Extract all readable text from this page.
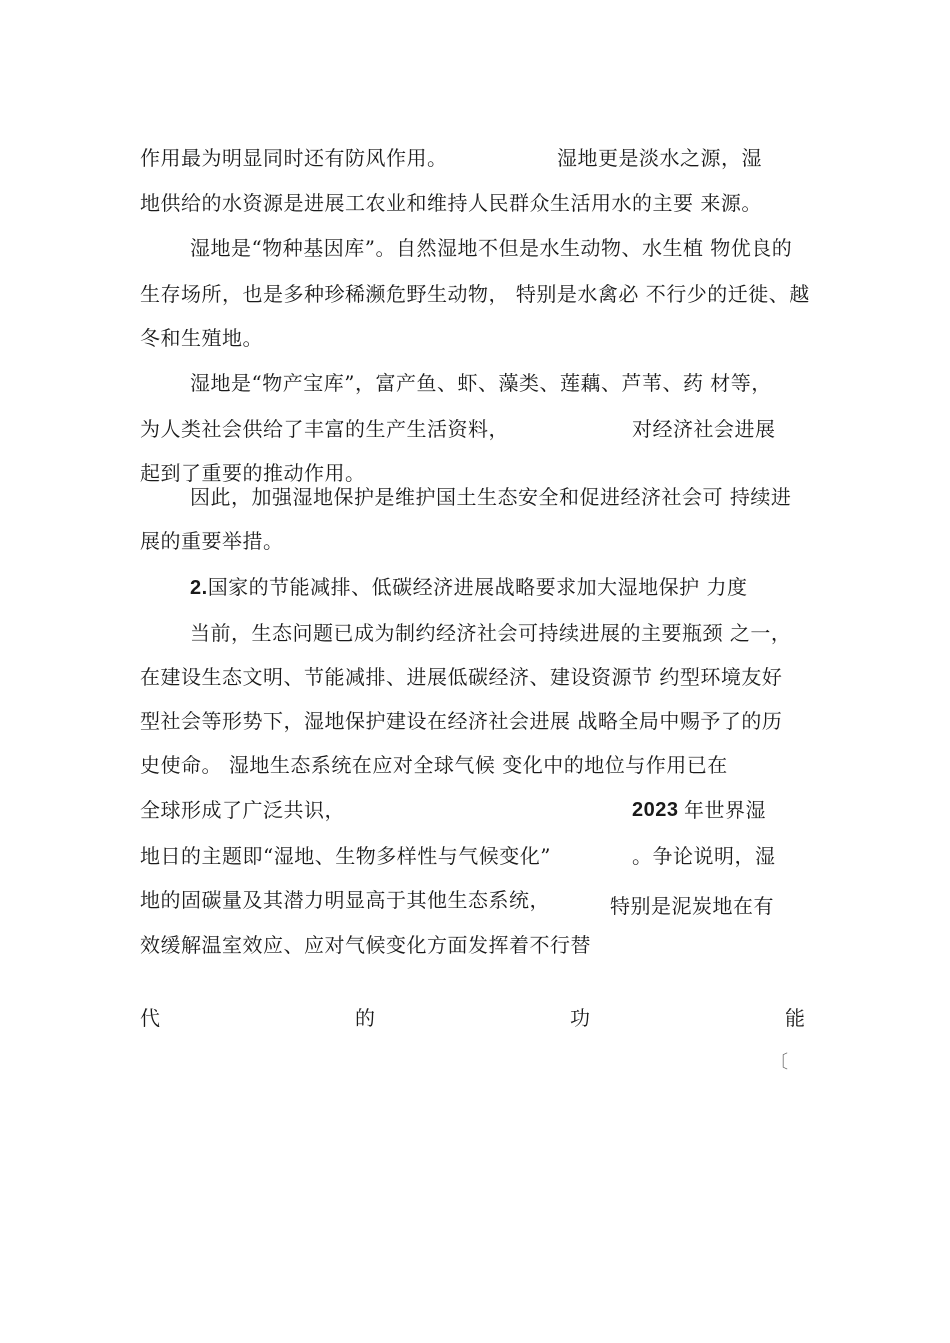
作用最为明显同时还有防风作用。	湿地更是淡水之源，湿
地供给的水资源是进展工农业和维持人民群众生活用水的主要 来源。
湿地是“物种基因库”。自然湿地不但是水生动物、水生植 物优良的
生存场所，也是多种珍稀濒危野生动物， 特别是水禽必 不行少的迁徙、越
冬和生殖地。
湿地是“物产宝库”，富产鱼、虾、藻类、莲藕、芦苇、药 材等，
为人类社会供给了丰富的生产生活资料，	对经济社会进展
起到了重要的推动作用。
因此，加强湿地保护是维护国土生态安全和促进经济社会可 持续进
展的重要举措。
2.国家的节能减排、低碳经济进展战略要求加大湿地保护 力度
当前，生态问题已成为制约经济社会可持续进展的主要瓶颈 之一，
在建设生态文明、节能减排、进展低碳经济、建设资源节 约型环境友好
型社会等形势下，湿地保护建设在经济社会进展 战略全局中赐予了的历
史使命。 湿地生态系统在应对全球气候 变化中的地位与作用已在
全球形成了广泛共识，	2023 年世界湿
地日的主题即“湿地、生物多样性与气候变化”	。争论说明，湿
地的固碳量及其潜力明显高于其他生态系统，	特别是泥炭地在有
效缓解温室效应、应对气候变化方面发挥着不行替
代	的	功	能
〔
